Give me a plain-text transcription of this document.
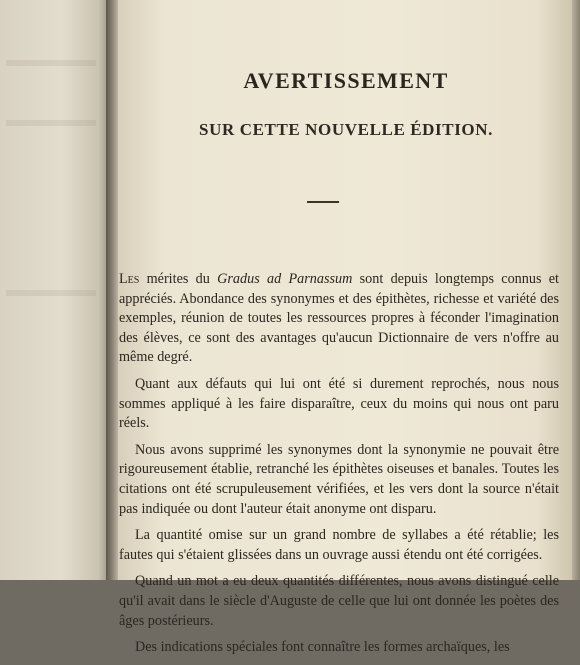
AVERTISSEMENT
SUR CETTE NOUVELLE ÉDITION.

Les mérites du Gradus ad Parnassum sont depuis longtemps connus et appréciés. Abondance des synonymes et des épithètes, richesse et variété des exemples, réunion de toutes les ressources propres à féconder l'imagination des élèves, ce sont des avantages qu'aucun Dictionnaire de vers n'offre au même degré.

Quant aux défauts qui lui ont été si durement reprochés, nous nous sommes appliqué à les faire disparaître, ceux du moins qui nous ont paru réels.

Nous avons supprimé les synonymes dont la synonymie ne pouvait être rigoureusement établie, retranché les épithètes oiseuses et banales. Toutes les citations ont été scrupuleusement vérifiées, et les vers dont la source n'était pas indiquée ou dont l'auteur était anonyme ont disparu.

La quantité omise sur un grand nombre de syllabes a été rétablie; les fautes qui s'étaient glissées dans un ouvrage aussi étendu ont été corrigées.

Quand un mot a eu deux quantités différentes, nous avons distingué celle qu'il avait dans le siècle d'Auguste de celle que lui ont donnée les poètes des âges postérieurs.

Des indications spéciales font connaître les formes archaïques, les
